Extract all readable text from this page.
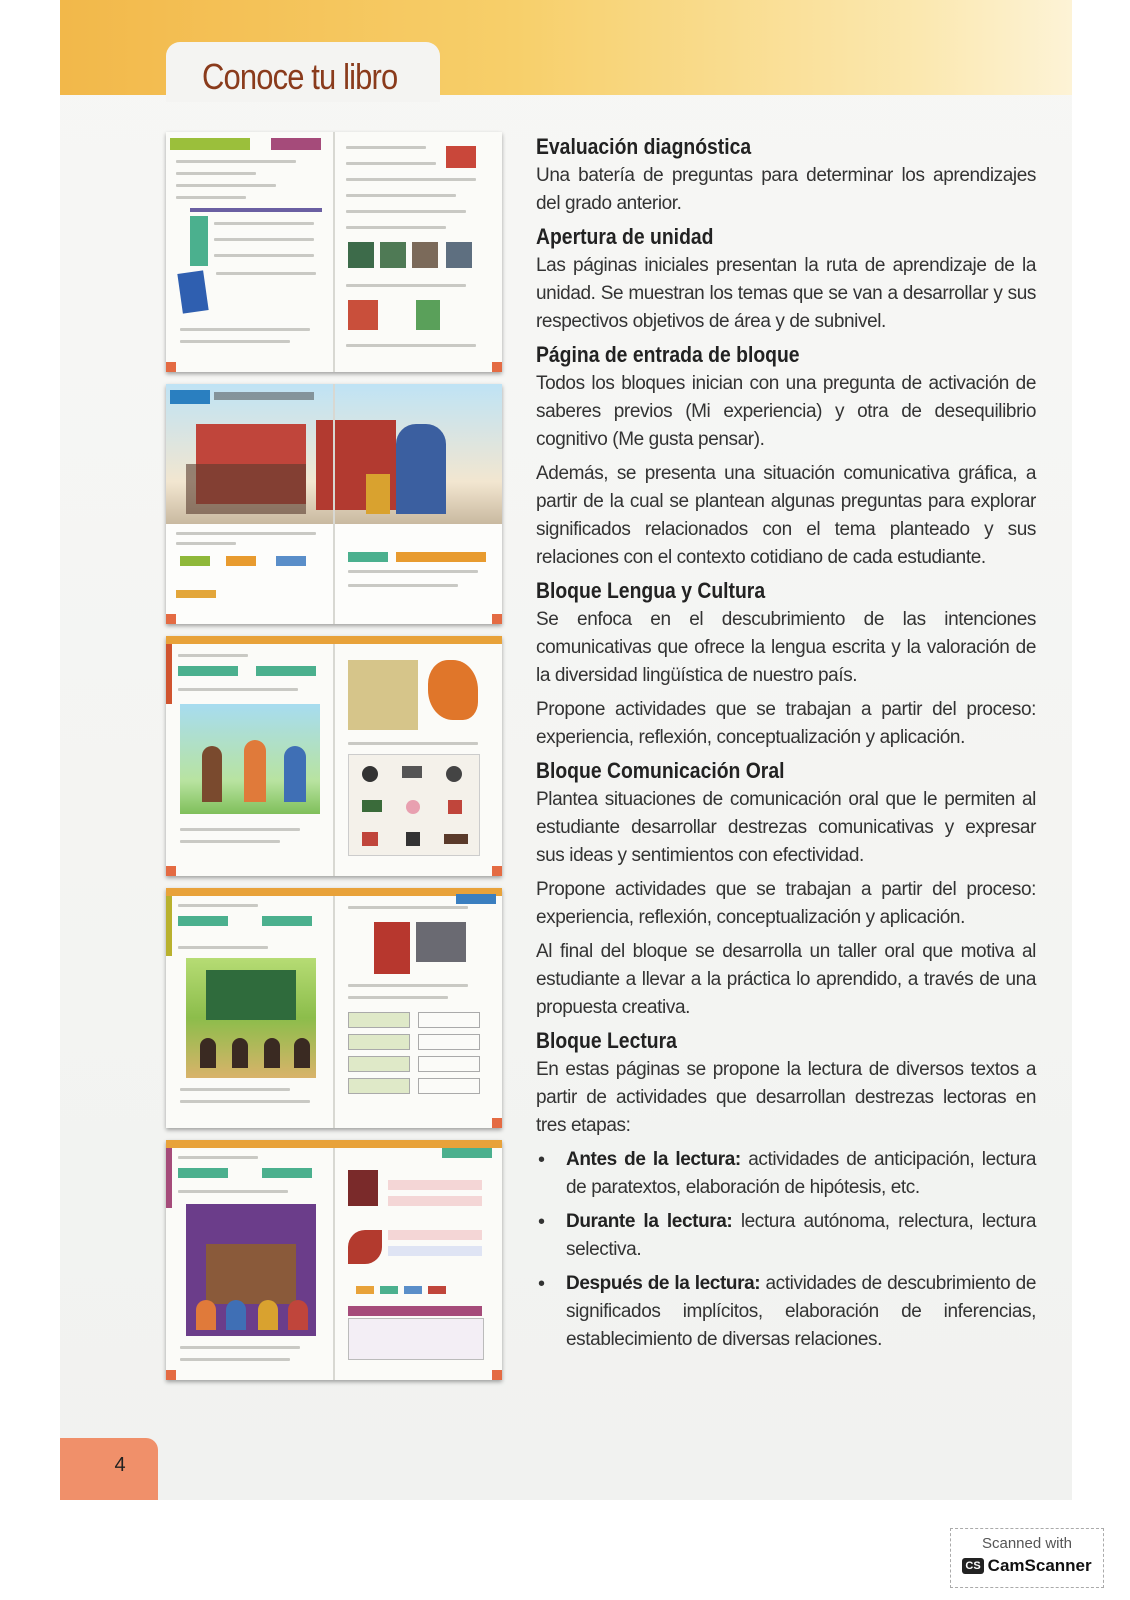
Conoce tu libro
Evaluación diagnóstica

Una batería de preguntas para determinar los aprendizajes del grado anterior.

Apertura de unidad

Las páginas iniciales presentan la ruta de aprendizaje de la unidad. Se muestran los temas que se van a desarrollar y sus respectivos objetivos de área y de subnivel.

Página de entrada de bloque

Todos los bloques inician con una pregunta de activación de saberes previos (Mi experiencia) y otra de desequilibrio cognitivo (Me gusta pensar).

Además, se presenta una situación comunicativa gráfica, a partir de la cual se plantean algunas preguntas para explorar significados relacionados con el tema planteado y sus relaciones con el contexto cotidiano de cada estudiante.

Bloque Lengua y Cultura

Se enfoca en el descubrimiento de las intenciones comunicativas que ofrece la lengua escrita y la valoración de la diversidad lingüística de nuestro país.

Propone actividades que se trabajan a partir del proceso: experiencia, reflexión, conceptualización y aplicación.

Bloque Comunicación Oral

Plantea situaciones de comunicación oral que le permiten al estudiante desarrollar destrezas comunicativas y expresar sus ideas y sentimientos con efectividad.

Propone actividades que se trabajan a partir del proceso: experiencia, reflexión, conceptualización y aplicación.

Al final del bloque se desarrolla un taller oral que motiva al estudiante a llevar a la práctica lo aprendido, a través de una propuesta creativa.

Bloque Lectura

En estas páginas se propone la lectura de diversos textos a partir de actividades que desarrollan destrezas lectoras en tres etapas:

• Antes de la lectura: actividades de anticipación, lectura de paratextos, elaboración de hipótesis, etc.
• Durante la lectura: lectura autónoma, relectura, lectura selectiva.
• Después de la lectura: actividades de descubrimiento de significados implícitos, elaboración de inferencias, establecimiento de diversas relaciones.
4
Scanned with
CS CamScanner
